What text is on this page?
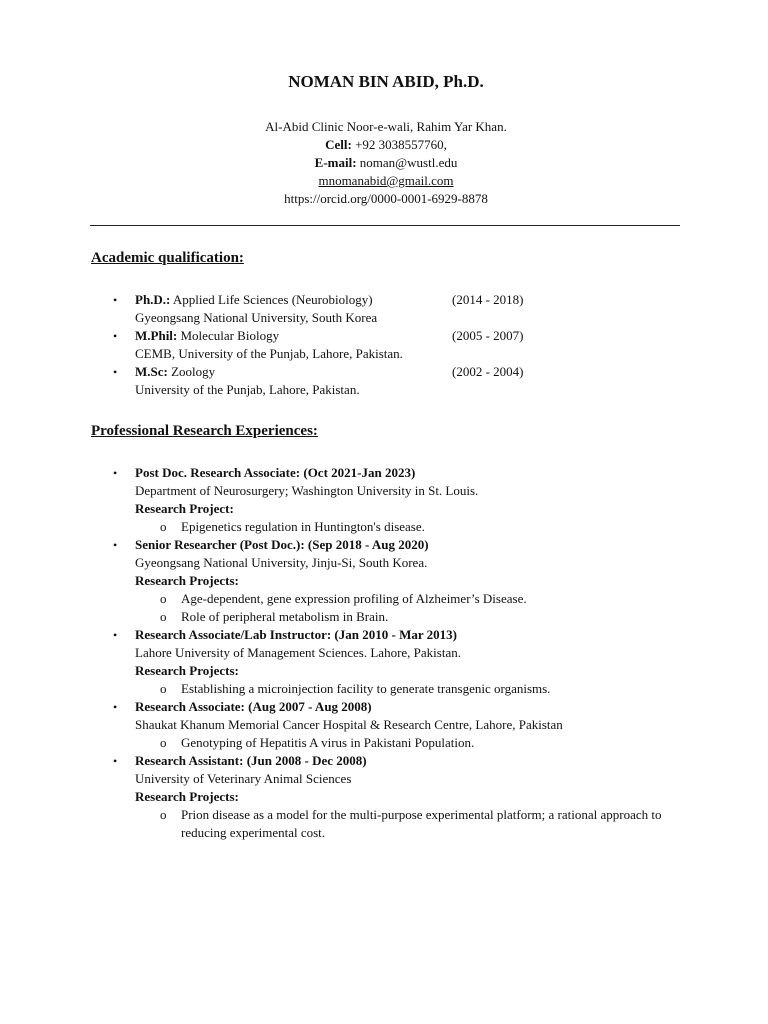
NOMAN BIN ABID, Ph.D.
Al-Abid Clinic Noor-e-wali, Rahim Yar Khan.
Cell: +92 3038557760,
E-mail: noman@wustl.edu
mnomanabid@gmail.com
https://orcid.org/0000-0001-6929-8878
Academic qualification:
•	Ph.D.: Applied Life Sciences (Neurobiology)	(2014 - 2018)
Gyeongsang National University, South Korea
•	M.Phil: Molecular Biology	(2005 - 2007)
CEMB, University of the Punjab, Lahore, Pakistan.
•	M.Sc: Zoology	(2002 - 2004)
University of the Punjab, Lahore, Pakistan.
Professional Research Experiences:
•	Post Doc. Research Associate: (Oct 2021-Jan 2023)
Department of Neurosurgery; Washington University in St. Louis.
Research Project:
o Epigenetics regulation in Huntington's disease.
•	Senior Researcher (Post Doc.): (Sep 2018 - Aug 2020)
Gyeongsang National University, Jinju-Si, South Korea.
Research Projects:
o Age-dependent, gene expression profiling of Alzheimer’s Disease.
o Role of peripheral metabolism in Brain.
•	Research Associate/Lab Instructor: (Jan 2010 - Mar 2013)
Lahore University of Management Sciences. Lahore, Pakistan.
Research Projects:
o Establishing a microinjection facility to generate transgenic organisms.
•	Research Associate: (Aug 2007 - Aug 2008)
Shaukat Khanum Memorial Cancer Hospital & Research Centre, Lahore, Pakistan
o Genotyping of Hepatitis A virus in Pakistani Population.
•	Research Assistant: (Jun 2008 - Dec 2008)
University of Veterinary Animal Sciences
Research Projects:
o Prion disease as a model for the multi-purpose experimental platform; a rational approach to reducing experimental cost.
